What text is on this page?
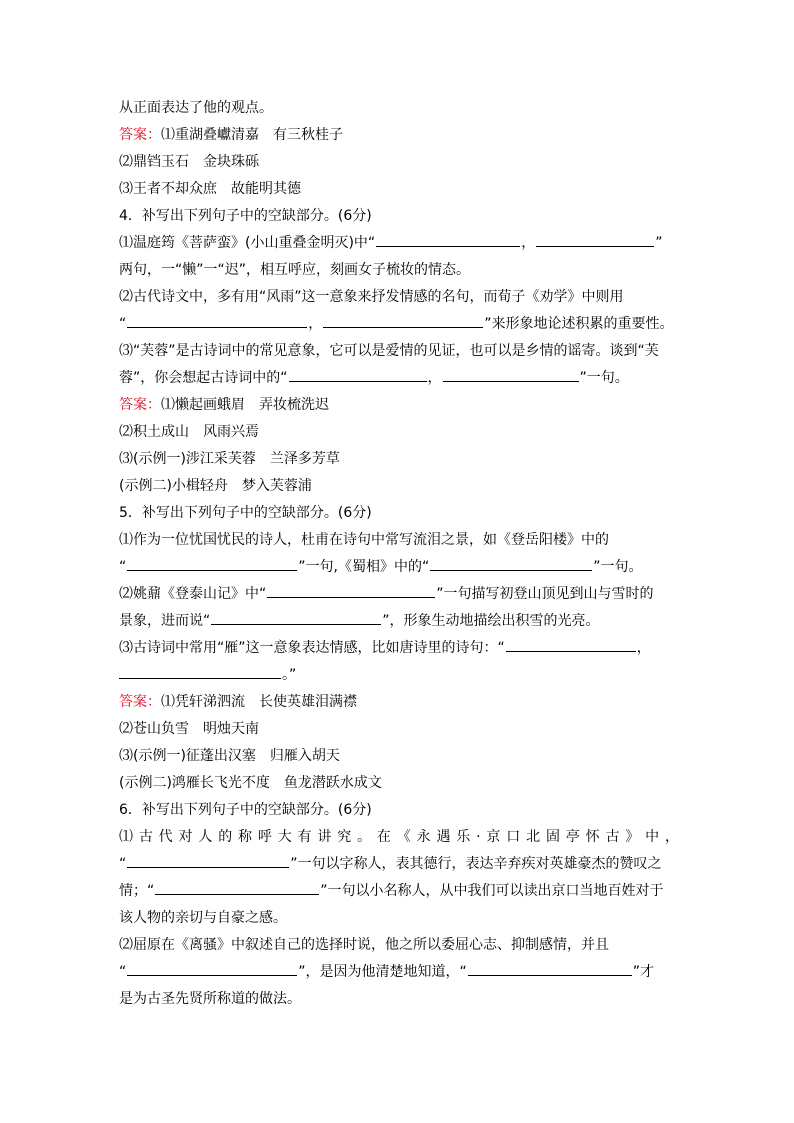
从正面表达了他的观点。
答案：⑴重湖叠巘清嘉　有三秋桂子
⑵鼎铛玉石　金块珠砾
⑶王者不却众庶　故能明其德
4．补写出下列句子中的空缺部分。(6分)
⑴温庭筠《菩萨蛮》(小山重叠金明灭)中“	，	”
两句，一“懒”一“迟”，相互呼应，刻画女子梳妆的情态。
⑵古代诗文中，多有用“风雨”这一意象来抒发情感的名句，而荀子《劝学》中则用
“	，	”来形象地论述积累的重要性。
⑶“芙蓉”是古诗词中的常见意象，它可以是爱情的见证，也可以是乡情的谣寄。谈到“芙
蓉”，你会想起古诗词中的“	，	”一句。
答案：⑴懒起画蛾眉　弄妆梳洗迟
⑵积土成山　风雨兴焉
⑶(示例一)涉江采芙蓉　兰泽多芳草
(示例二)小楫轻舟　梦入芙蓉浦
5．补写出下列句子中的空缺部分。(6分)
⑴作为一位忧国忧民的诗人，杜甫在诗句中常写流泪之景，如《登岳阳楼》中的
“	”一句,《蜀相》中的“	”一句。
⑵姚鼐《登泰山记》中“	”一句描写初登山顶见到山与雪时的
景象，进而说“	”，形象生动地描绘出积雪的光亮。
⑶古诗词中常用“雁”这一意象表达情感，比如唐诗里的诗句：“	，
。”
答案：⑴凭轩涕泗流　长使英雄泪满襟
⑵苍山负雪　明烛天南
⑶(示例一)征蓬出汉塞　归雁入胡天
(示例二)鸿雁长飞光不度　鱼龙潜跃水成文
6．补写出下列句子中的空缺部分。(6分)
⑴古代对人的称呼大有讲究。在《永遇乐·京口北固亭怀古》中，
“	”一句以字称人，表其德行，表达辛弃疾对英雄豪杰的赞叹之
情；“	”一句以小名称人，从中我们可以读出京口当地百姓对于
该人物的亲切与自豪之感。
⑵屈原在《离骚》中叙述自己的选择时说，他之所以委屈心志、抑制感情，并且
“	”，是因为他清楚地知道，“	”才
是为古圣先贤所称道的做法。
